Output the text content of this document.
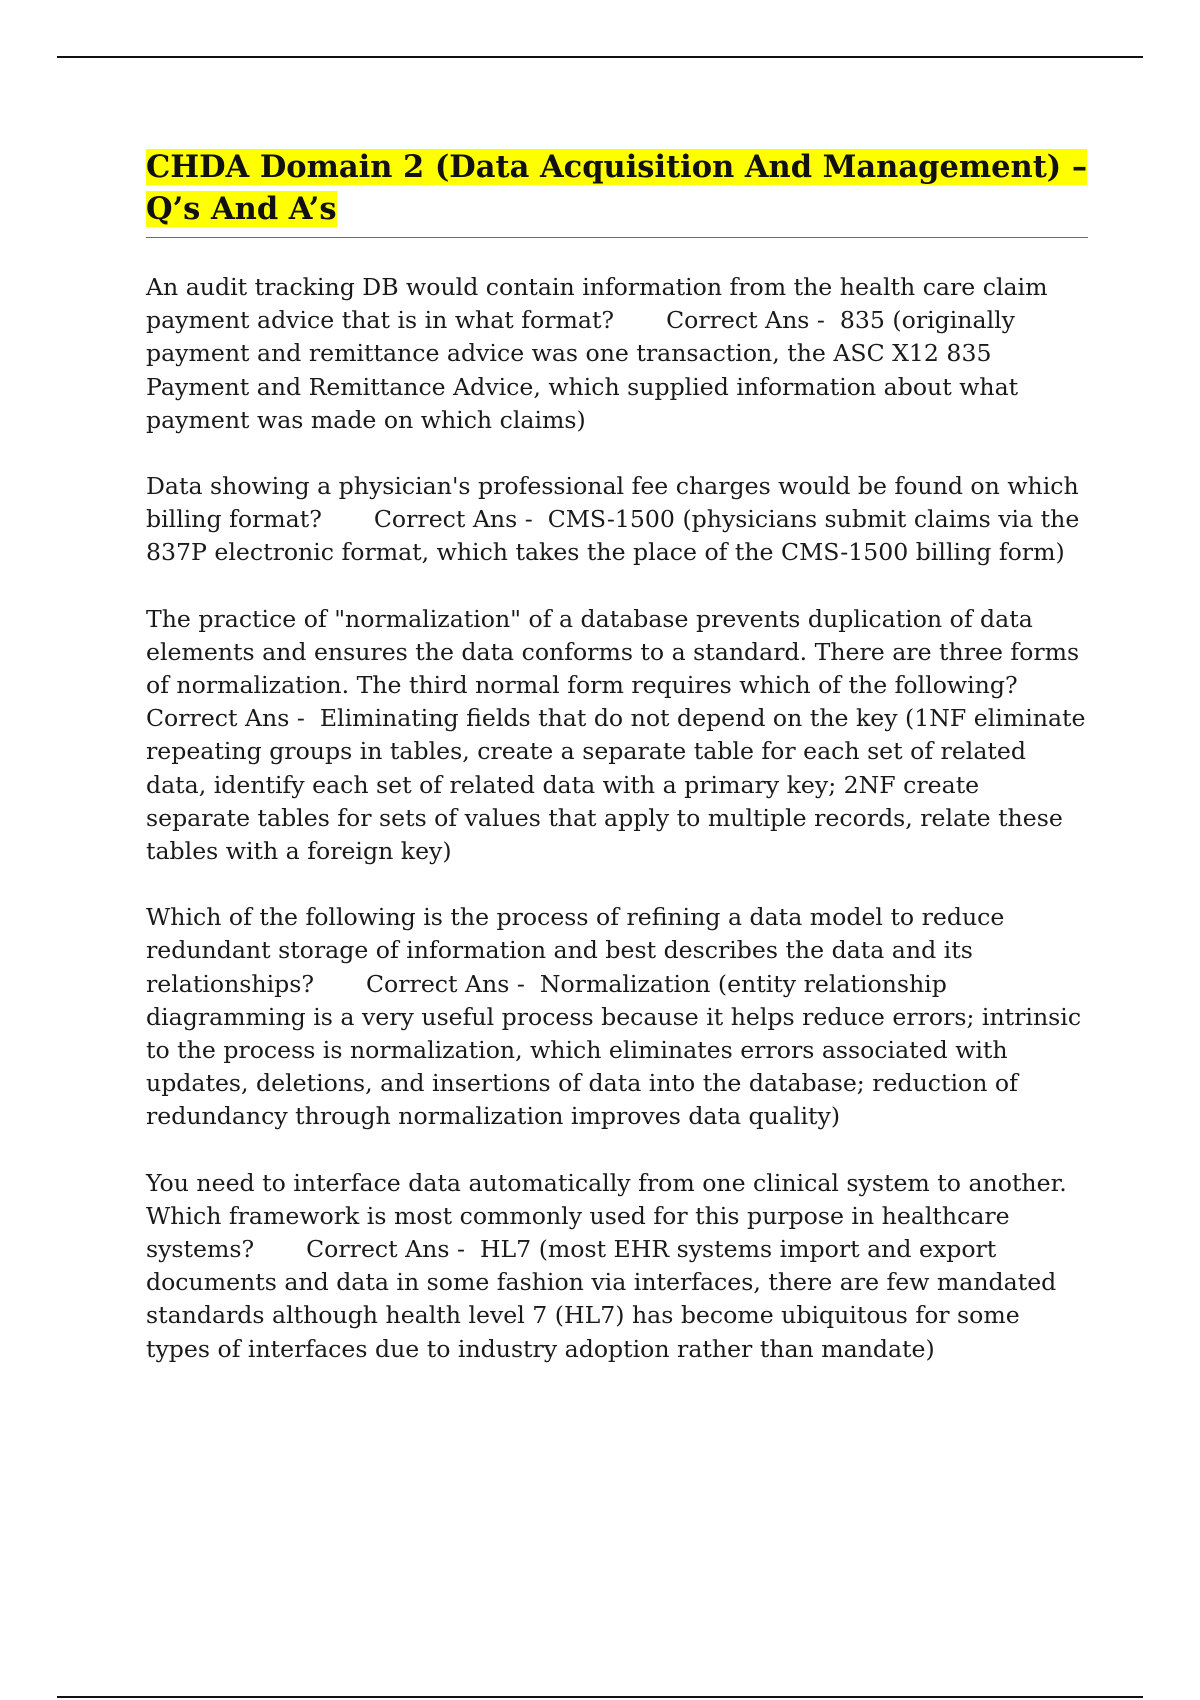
CHDA Domain 2 (Data Acquisition And Management) – Q’s And A’s

An audit tracking DB would contain information from the health care claim payment advice that is in what format? Correct Ans -  835 (originally payment and remittance advice was one transaction, the ASC X12 835 Payment and Remittance Advice, which supplied information about what payment was made on which claims)

Data showing a physician's professional fee charges would be found on which billing format? Correct Ans -  CMS-1500 (physicians submit claims via the 837P electronic format, which takes the place of the CMS-1500 billing form)

The practice of "normalization" of a database prevents duplication of data elements and ensures the data conforms to a standard. There are three forms of normalization. The third normal form requires which of the following? Correct Ans -  Eliminating fields that do not depend on the key (1NF eliminate repeating groups in tables, create a separate table for each set of related data, identify each set of related data with a primary key; 2NF create separate tables for sets of values that apply to multiple records, relate these tables with a foreign key)

Which of the following is the process of refining a data model to reduce redundant storage of information and best describes the data and its relationships? Correct Ans -  Normalization (entity relationship diagramming is a very useful process because it helps reduce errors; intrinsic to the process is normalization, which eliminates errors associated with updates, deletions, and insertions of data into the database; reduction of redundancy through normalization improves data quality)

You need to interface data automatically from one clinical system to another. Which framework is most commonly used for this purpose in healthcare systems? Correct Ans -  HL7 (most EHR systems import and export documents and data in some fashion via interfaces, there are few mandated standards although health level 7 (HL7) has become ubiquitous for some types of interfaces due to industry adoption rather than mandate)
